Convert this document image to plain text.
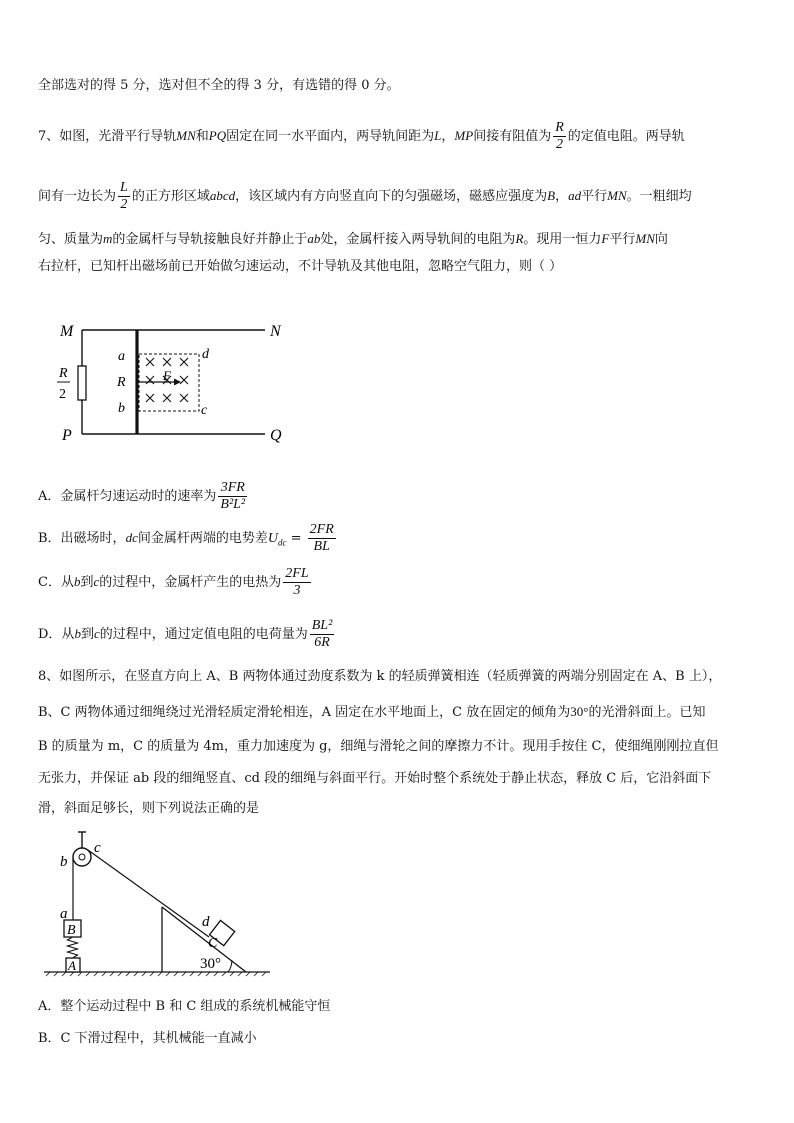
全部选对的得 5 分，选对但不全的得 3 分，有选错的得 0 分。
7、如图，光滑平行导轨MN和PQ固定在同一水平面内，两导轨间距为L，MP间接有阻值为 $\frac{R}{2}$ 的定值电阻。两导轨
间有一边长为 $\frac{L}{2}$ 的正方形区域abcd，该区域内有方向竖直向下的匀强磁场，磁感应强度为B，ad平行MN。一粗细均
匀、质量为m的金属杆与导轨接触良好并静止于ab处，金属杆接入两导轨间的电阻为R。现用一恒力F平行MN向
右拉杆，已知杆出磁场前已开始做匀速运动，不计导轨及其他电阻，忽略空气阻力，则（ ）
M	N
P	Q
a
R
b
d
c
F
R
2
A．金属杆匀速运动时的速率为 $\frac{3FR}{\text{B²L²}}$
B．出磁场时，dc间金属杆两端的电势差$U_{dc} = \frac{2FR}{BL}$
C．从b到c的过程中，金属杆产生的电热为 $\frac{2FL}{3}$
D．从b到c的过程中，通过定值电阻的电荷量为 $\frac{\text{BL²}}{6R}$
8、如图所示，在竖直方向上 A、B 两物体通过劲度系数为 k 的轻质弹簧相连（轻质弹簧的两端分别固定在 A、B 上），
B、C 两物体通过细绳绕过光滑轻质定滑轮相连，A 固定在水平地面上，C 放在固定的倾角为30°的光滑斜面上。已知
B 的质量为 m，C 的质量为 4m，重力加速度为 g，细绳与滑轮之间的摩擦力不计。现用手按住 C，使细绳刚刚拉直但
无张力，并保证 ab 段的细绳竖直、cd 段的细绳与斜面平行。开始时整个系统处于静止状态，释放 C 后，它沿斜面下
滑，斜面足够长，则下列说法正确的是
b
c
a
B
A
d
C
30°
A．整个运动过程中 B 和 C 组成的系统机械能守恒
B．C 下滑过程中，其机械能一直减小
